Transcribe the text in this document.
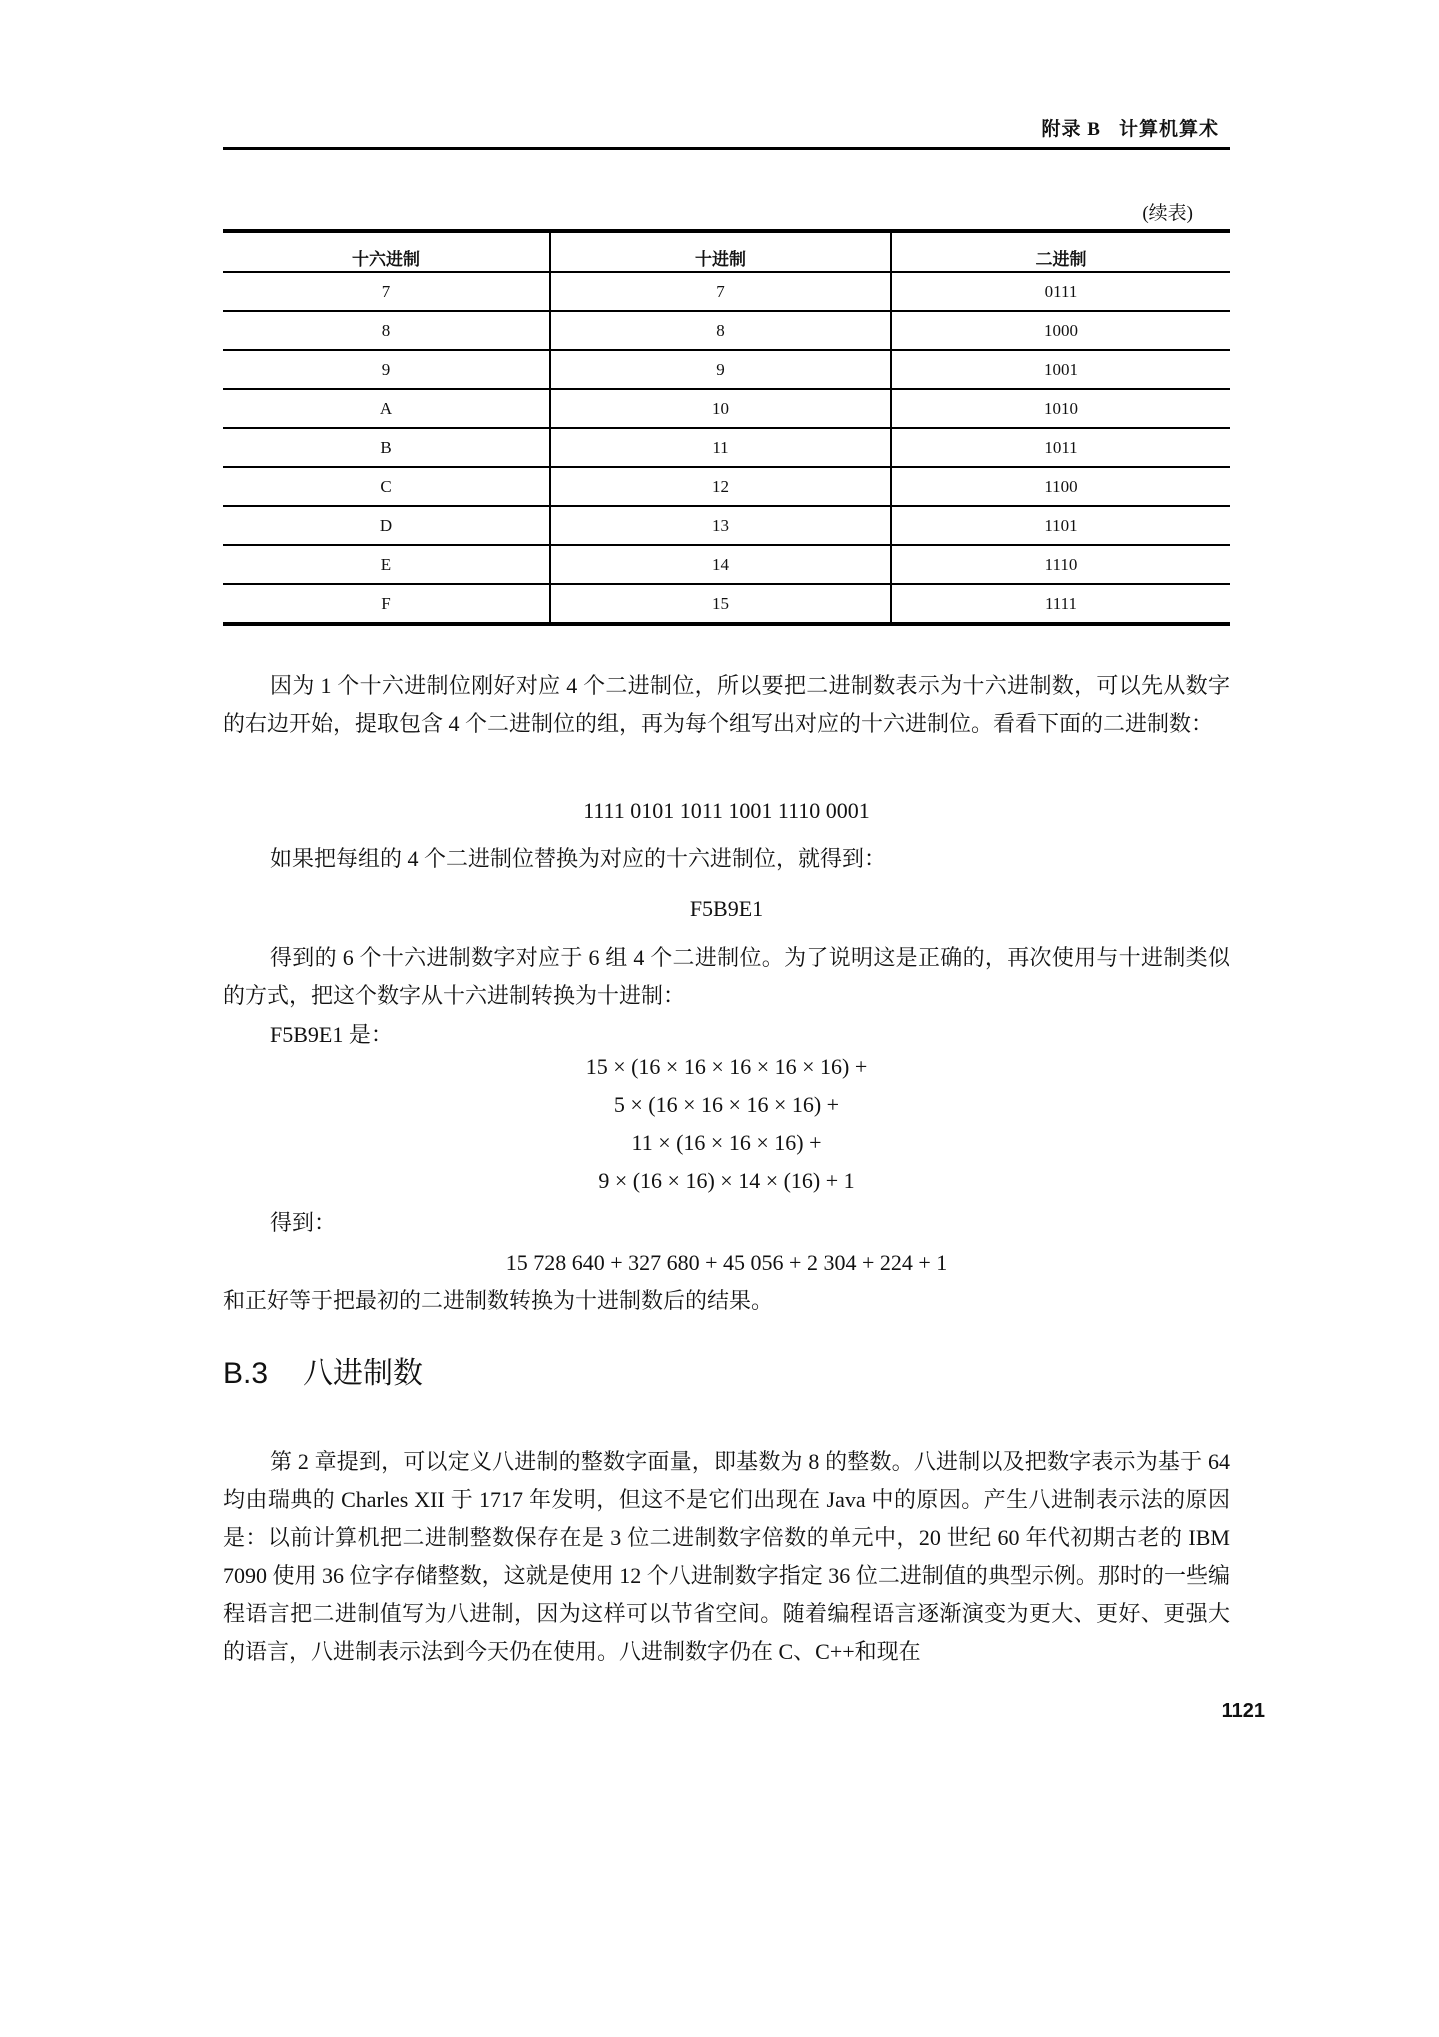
附录 B 计算机算术
(续表)
十六进制	十进制	二进制
7	7	0111
8	8	1000
9	9	1001
A	10	1010
B	11	1011
C	12	1100
D	13	1101
E	14	1110
F	15	1111
因为 1 个十六进制位刚好对应 4 个二进制位，所以要把二进制数表示为十六进制数，可以先从数字的右边开始，提取包含 4 个二进制位的组，再为每个组写出对应的十六进制位。看看下面的二进制数：
1111 0101 1011 1001 1110 0001
如果把每组的 4 个二进制位替换为对应的十六进制位，就得到：
F5B9E1
得到的 6 个十六进制数字对应于 6 组 4 个二进制位。为了说明这是正确的，再次使用与十进制类似的方式，把这个数字从十六进制转换为十进制：
F5B9E1 是：
15 × (16 × 16 × 16 × 16 × 16) +
5 × (16 × 16 × 16 × 16) +
11 × (16 × 16 × 16) +
9 × (16 × 16) × 14 × (16) + 1
得到：
15 728 640 + 327 680 + 45 056 + 2 304 + 224 + 1
和正好等于把最初的二进制数转换为十进制数后的结果。
B.3 八进制数
第 2 章提到，可以定义八进制的整数字面量，即基数为 8 的整数。八进制以及把数字表示为基于 64 均由瑞典的 Charles XII 于 1717 年发明，但这不是它们出现在 Java 中的原因。产生八进制表示法的原因是：以前计算机把二进制整数保存在是 3 位二进制数字倍数的单元中，20 世纪 60 年代初期古老的 IBM 7090 使用 36 位字存储整数，这就是使用 12 个八进制数字指定 36 位二进制值的典型示例。那时的一些编程语言把二进制值写为八进制，因为这样可以节省空间。随着编程语言逐渐演变为更大、更好、更强大的语言，八进制表示法到今天仍在使用。八进制数字仍在 C、C++和现在
1121
